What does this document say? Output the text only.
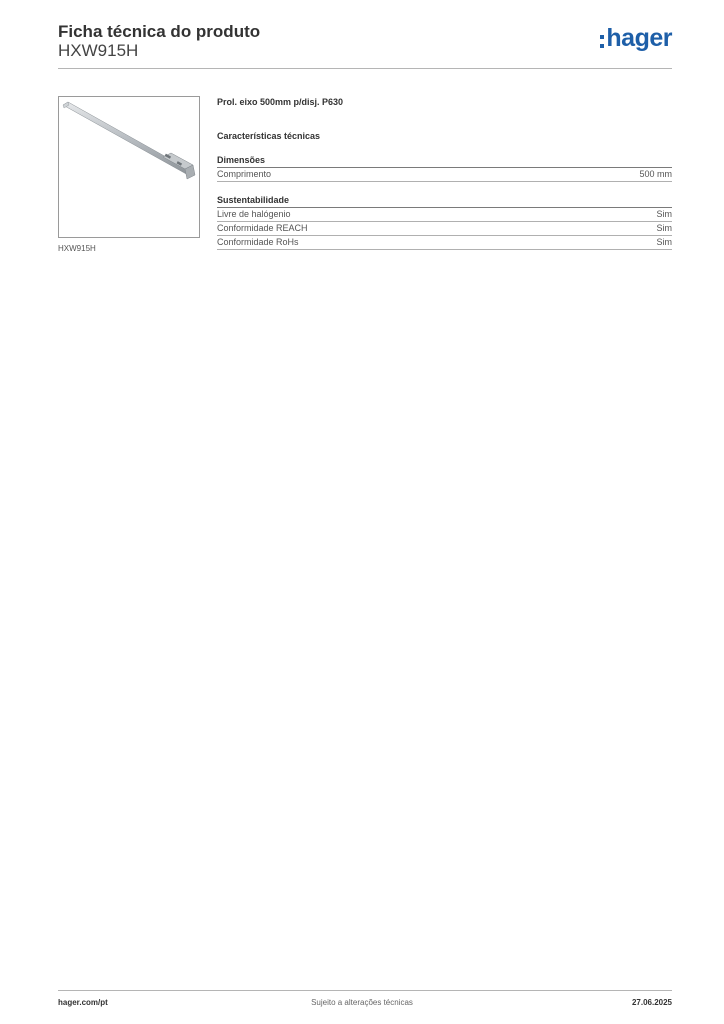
Ficha técnica do produto
HXW915H	hager
HXW915H
Prol. eixo 500mm p/disj. P630
Características técnicas
Dimensões
Comprimento	500 mm
Sustentabilidade
Livre de halógenio	Sim
Conformidade REACH	Sim
Conformidade RoHs	Sim
hager.com/pt	Sujeito a alterações técnicas	27.06.2025
